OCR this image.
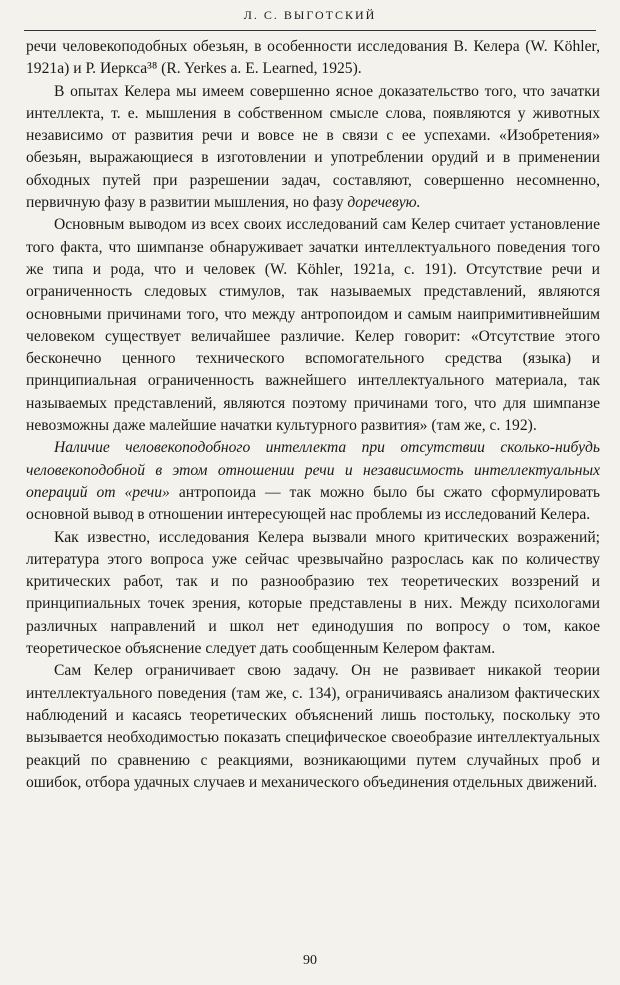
Л. С. ВЫГОТСКИЙ

речи человекоподобных обезьян, в особенности исследования В. Келера (W. Köhler, 1921a) и Р. Иеркса³⁸ (R. Yerkes a. E. Learned, 1925).

В опытах Келера мы имеем совершенно ясное доказательство того, что зачатки интеллекта, т. е. мышления в собственном смысле слова, появляются у животных независимо от развития речи и вовсе не в связи с ее успехами. «Изобретения» обезьян, выражающиеся в изготовлении и употреблении орудий и в применении обходных путей при разрешении задач, составляют, совершенно несомненно, первичную фазу в развитии мышления, но фазу доречевую.

Основным выводом из всех своих исследований сам Келер считает установление того факта, что шимпанзе обнаруживает зачатки интеллектуального поведения того же типа и рода, что и человек (W. Köhler, 1921a, с. 191). Отсутствие речи и ограниченность следовых стимулов, так называемых представлений, являются основными причинами того, что между антропоидом и самым наипримитивнейшим человеком существует величайшее различие. Келер говорит: «Отсутствие этого бесконечно ценного технического вспомогательного средства (языка) и принципиальная ограниченность важнейшего интеллектуального материала, так называемых представлений, являются поэтому причинами того, что для шимпанзе невозможны даже малейшие начатки культурного развития» (там же, с. 192).

Наличие человекоподобного интеллекта при отсутствии сколько-нибудь человекоподобной в этом отношении речи и независимость интеллектуальных операций от «речи» антропоида — так можно было бы сжато сформулировать основной вывод в отношении интересующей нас проблемы из исследований Келера.

Как известно, исследования Келера вызвали много критических возражений; литература этого вопроса уже сейчас чрезвычайно разрослась как по количеству критических работ, так и по разнообразию тех теоретических воззрений и принципиальных точек зрения, которые представлены в них. Между психологами различных направлений и школ нет единодушия по вопросу о том, какое теоретическое объяснение следует дать сообщенным Келером фактам.

Сам Келер ограничивает свою задачу. Он не развивает никакой теории интеллектуального поведения (там же, с. 134), ограничиваясь анализом фактических наблюдений и касаясь теоретических объяснений лишь постольку, поскольку это вызывается необходимостью показать специфическое своеобразие интеллектуальных реакций по сравнению с реакциями, возникающими путем случайных проб и ошибок, отбора удачных случаев и механического объединения отдельных движений.

90
